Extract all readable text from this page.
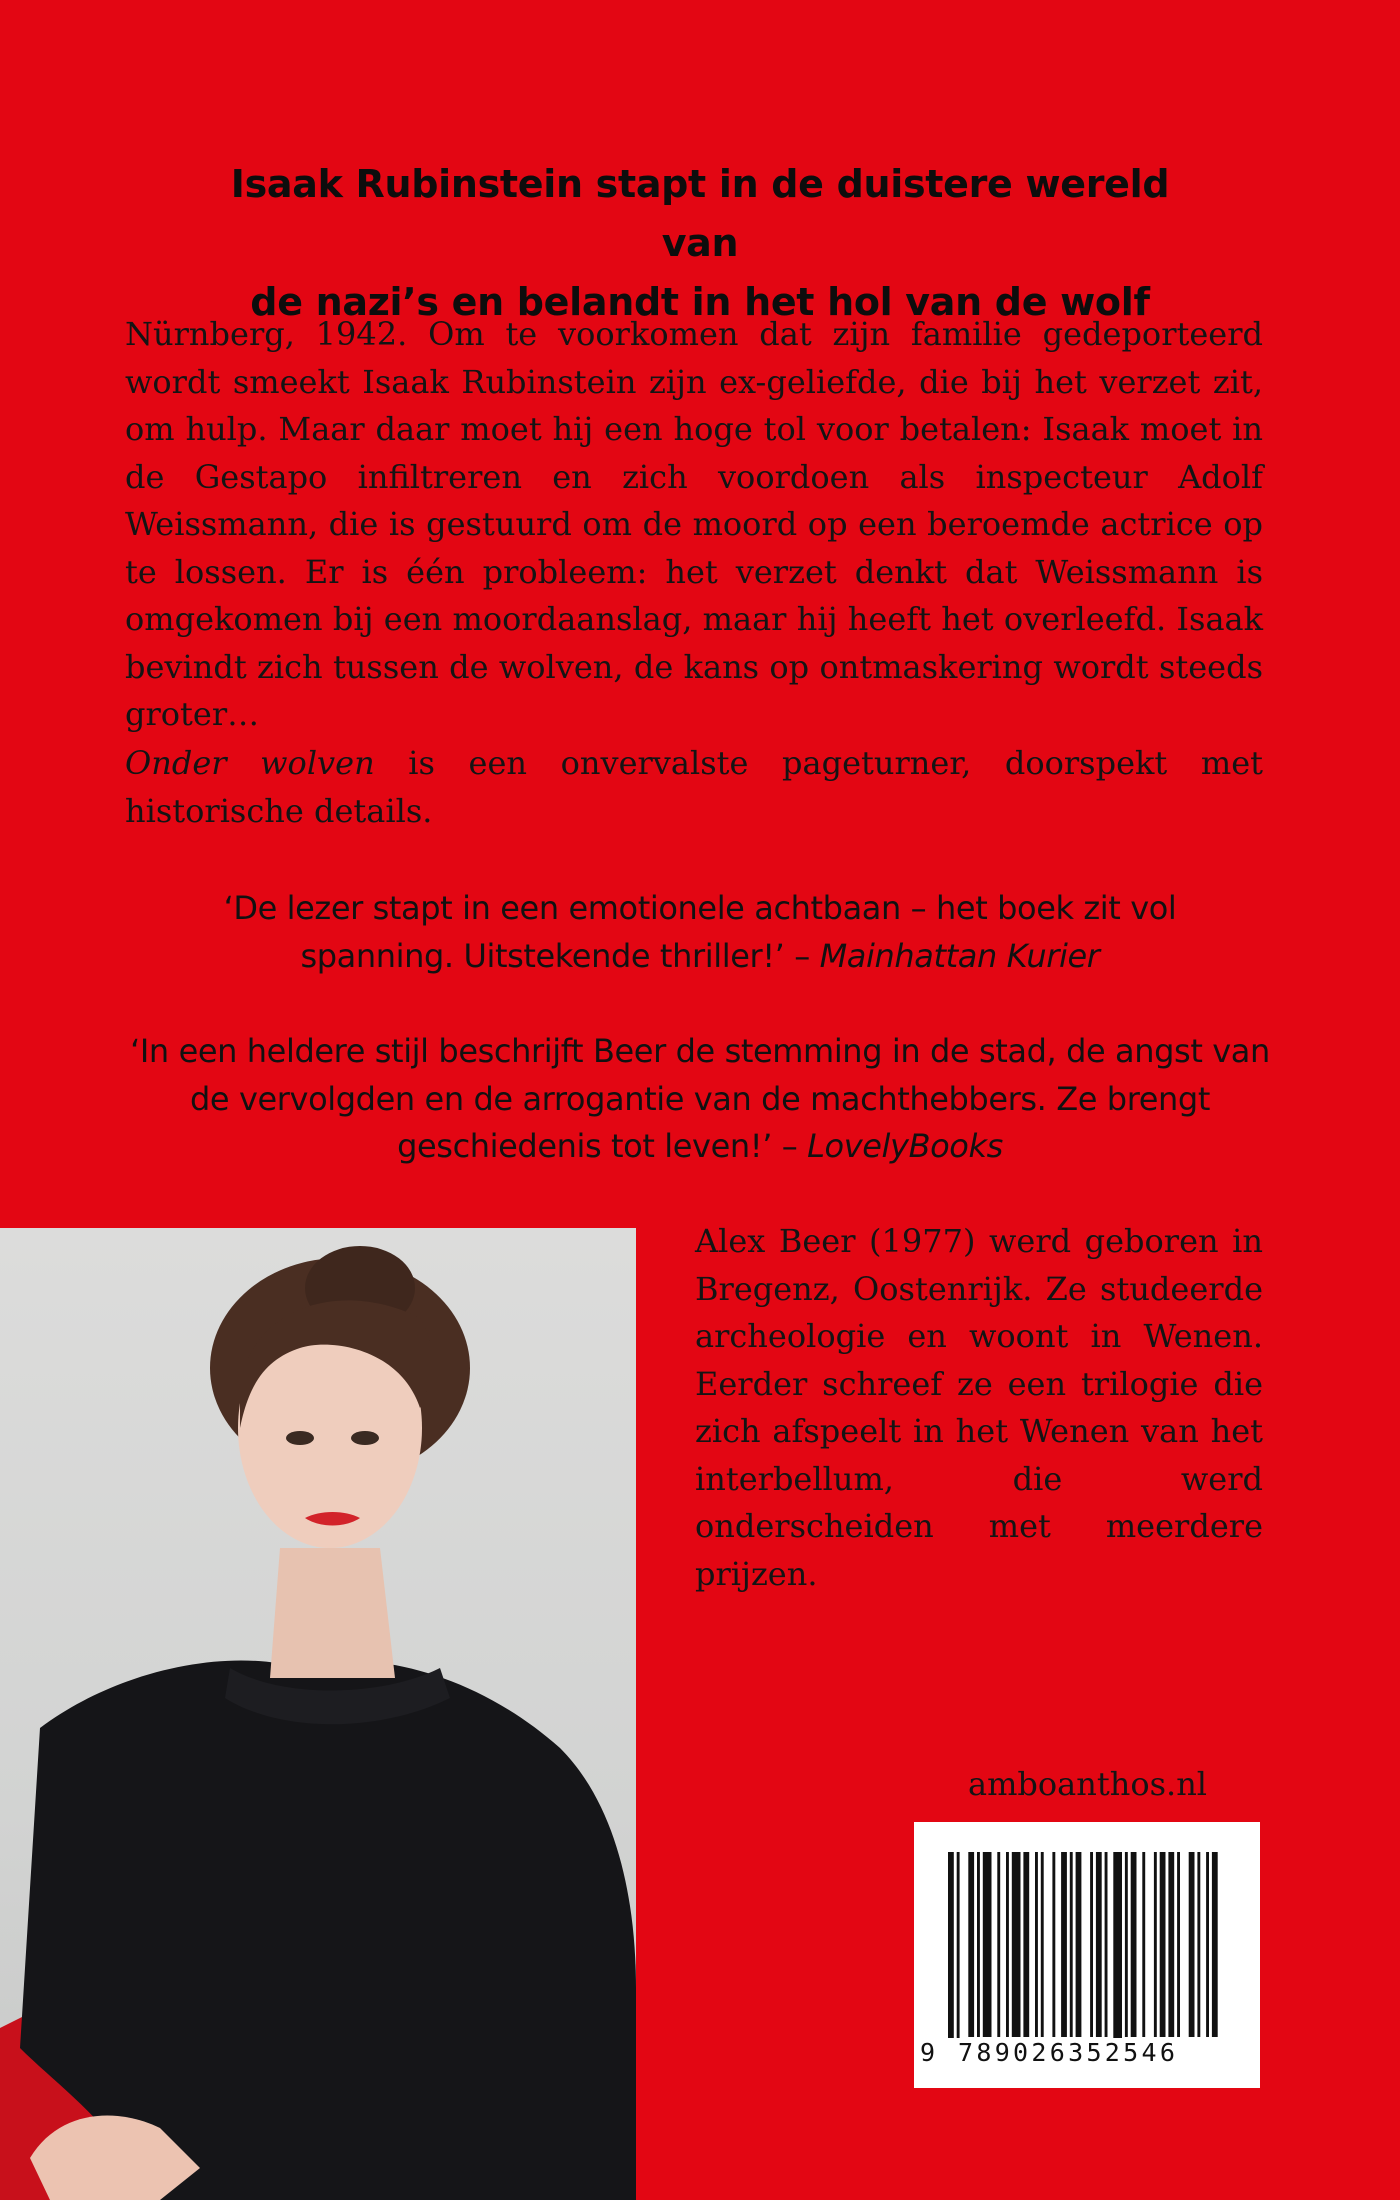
Isaak Rubinstein stapt in de duistere wereld van
de nazi’s en belandt in het hol van de wolf

Nürnberg, 1942. Om te voorkomen dat zijn familie gedeporteerd wordt smeekt Isaak Rubinstein zijn ex-geliefde, die bij het verzet zit, om hulp. Maar daar moet hij een hoge tol voor betalen: Isaak moet in de Gestapo infiltreren en zich voordoen als inspecteur Adolf Weissmann, die is gestuurd om de moord op een beroemde actrice op te lossen. Er is één probleem: het verzet denkt dat Weissmann is omgekomen bij een moordaanslag, maar hij heeft het overleefd. Isaak bevindt zich tussen de wolven, de kans op ontmaskering wordt steeds groter…

Onder wolven is een onvervalste pageturner, doorspekt met historische details.

‘De lezer stapt in een emotionele achtbaan – het boek zit vol spanning. Uitstekende thriller!’ – Mainhattan Kurier

‘In een heldere stijl beschrijft Beer de stemming in de stad, de angst van de vervolgden en de arrogantie van de machthebbers. Ze brengt geschiedenis tot leven!’ – LovelyBooks

Alex Beer (1977) werd geboren in Bregenz, Oostenrijk. Ze studeerde archeologie en woont in Wenen. Eerder schreef ze een trilogie die zich afspeelt in het Wenen van het interbellum, die werd onderscheiden met meerdere prijzen.

amboanthos.nl

9 789026352546
